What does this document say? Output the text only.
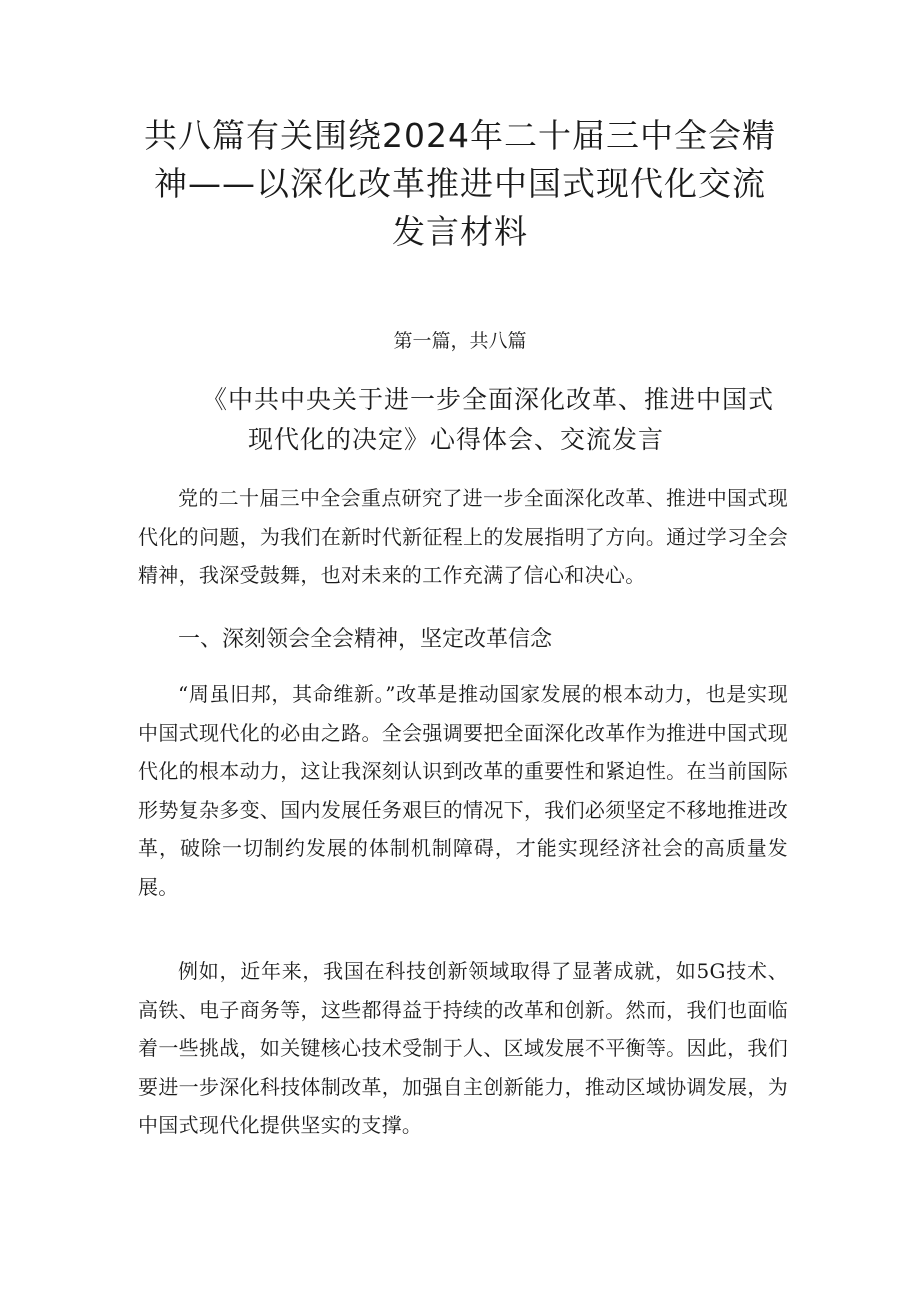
共八篇有关围绕2024年二十届三中全会精
神——以深化改革推进中国式现代化交流
发言材料
第一篇，共八篇
《中共中央关于进一步全面深化改革、推进中国式
现代化的决定》心得体会、交流发言

党的二十届三中全会重点研究了进一步全面深化改革、推进中国式现代化的问题，为我们在新时代新征程上的发展指明了方向。通过学习全会精神，我深受鼓舞，也对未来的工作充满了信心和决心。

一、深刻领会全会精神，坚定改革信念

“周虽旧邦，其命维新。”改革是推动国家发展的根本动力，也是实现中国式现代化的必由之路。全会强调要把全面深化改革作为推进中国式现代化的根本动力，这让我深刻认识到改革的重要性和紧迫性。在当前国际形势复杂多变、国内发展任务艰巨的情况下，我们必须坚定不移地推进改革，破除一切制约发展的体制机制障碍，才能实现经济社会的高质量发展。

例如，近年来，我国在科技创新领域取得了显著成就，如5G技术、高铁、电子商务等，这些都得益于持续的改革和创新。然而，我们也面临着一些挑战，如关键核心技术受制于人、区域发展不平衡等。因此，我们要进一步深化科技体制改革，加强自主创新能力，推动区域协调发展，为中国式现代化提供坚实的支撑。
